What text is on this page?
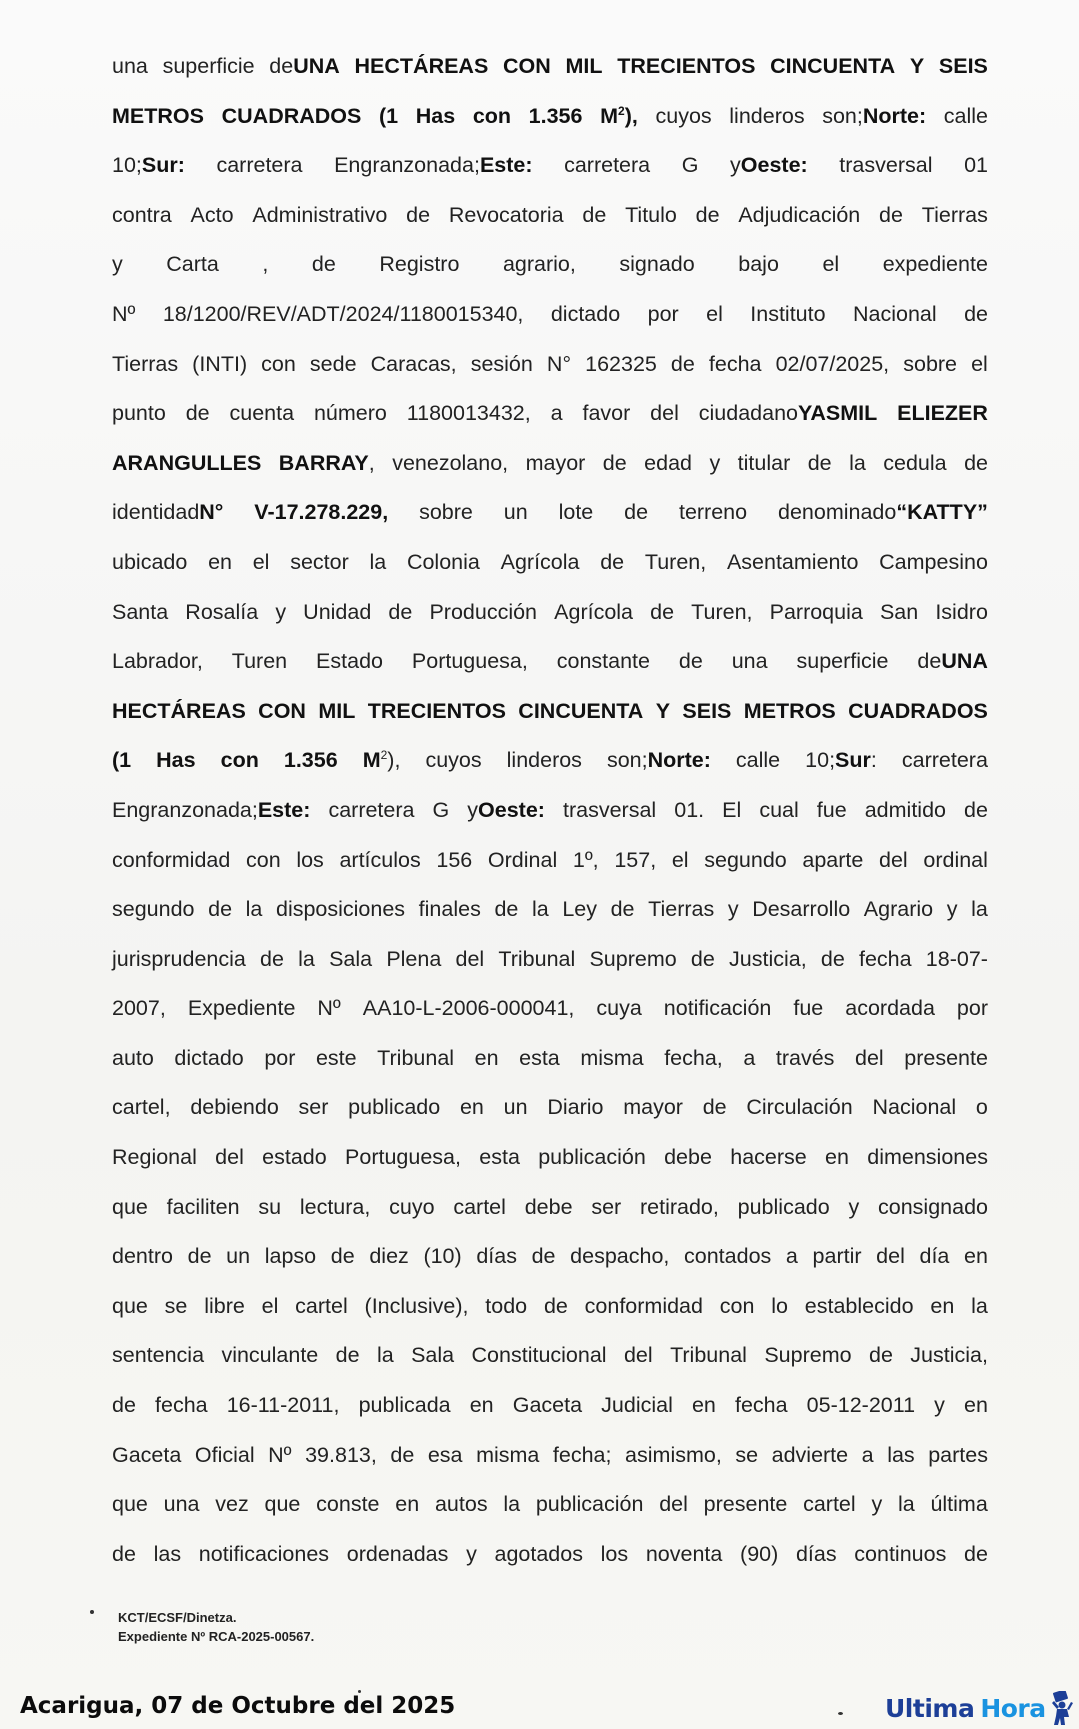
una superficie deUNA HECTÁREAS CON MIL TRECIENTOS CINCUENTA Y SEIS
METROS CUADRADOS (1 Has con 1.356 $M^2$), cuyos linderos son;Norte: calle
10;Sur: carretera Engranzonada;Este: carretera G yOeste: trasversal 01
contra Acto Administrativo de Revocatoria de Titulo de Adjudicación de Tierras
y Carta , de Registro agrario, signado bajo el expediente
Nº 18/1200/REV/ADT/2024/1180015340, dictado por el Instituto Nacional de
Tierras (INTI) con sede Caracas, sesión N° 162325 de fecha 02/07/2025, sobre el
punto de cuenta número 1180013432, a favor del ciudadanoYASMIL ELIEZER
ARANGULLES BARRAY, venezolano, mayor de edad y titular de la cedula de
identidadN° V-17.278.229, sobre un lote de terreno denominado“KATTY”
ubicado en el sector la Colonia Agrícola de Turen, Asentamiento Campesino
Santa Rosalía y Unidad de Producción Agrícola de Turen, Parroquia San Isidro
Labrador, Turen Estado Portuguesa, constante de una superficie deUNA
HECTÁREAS CON MIL TRECIENTOS CINCUENTA Y SEIS METROS CUADRADOS
(1 Has con 1.356 $M^2$), cuyos linderos son;Norte: calle 10;Sur: carretera
Engranzonada;Este: carretera G yOeste: trasversal 01. El cual fue admitido de
conformidad con los artículos 156 Ordinal 1º, 157, el segundo aparte del ordinal
segundo de la disposiciones finales de la Ley de Tierras y Desarrollo Agrario y la
jurisprudencia de la Sala Plena del Tribunal Supremo de Justicia, de fecha 18-07-
2007, Expediente Nº AA10-L-2006-000041, cuya notificación fue acordada por
auto dictado por este Tribunal en esta misma fecha, a través del presente
cartel, debiendo ser publicado en un Diario mayor de Circulación Nacional o
Regional del estado Portuguesa, esta publicación debe hacerse en dimensiones
que faciliten su lectura, cuyo cartel debe ser retirado, publicado y consignado
dentro de un lapso de diez (10) días de despacho, contados a partir del día en
que se libre el cartel (Inclusive), todo de conformidad con lo establecido en la
sentencia vinculante de la Sala Constitucional del Tribunal Supremo de Justicia,
de fecha 16-11-2011, publicada en Gaceta Judicial en fecha 05-12-2011 y en
Gaceta Oficial Nº 39.813, de esa misma fecha; asimismo, se advierte a las partes
que una vez que conste en autos la publicación del presente cartel y la última
de las notificaciones ordenadas y agotados los noventa (90) días continuos de
KCT/ECSF/Dinetza.
Expediente Nº RCA-2025-00567.
Acarigua, 07 de Octubre del 2025	Ultima Hora
